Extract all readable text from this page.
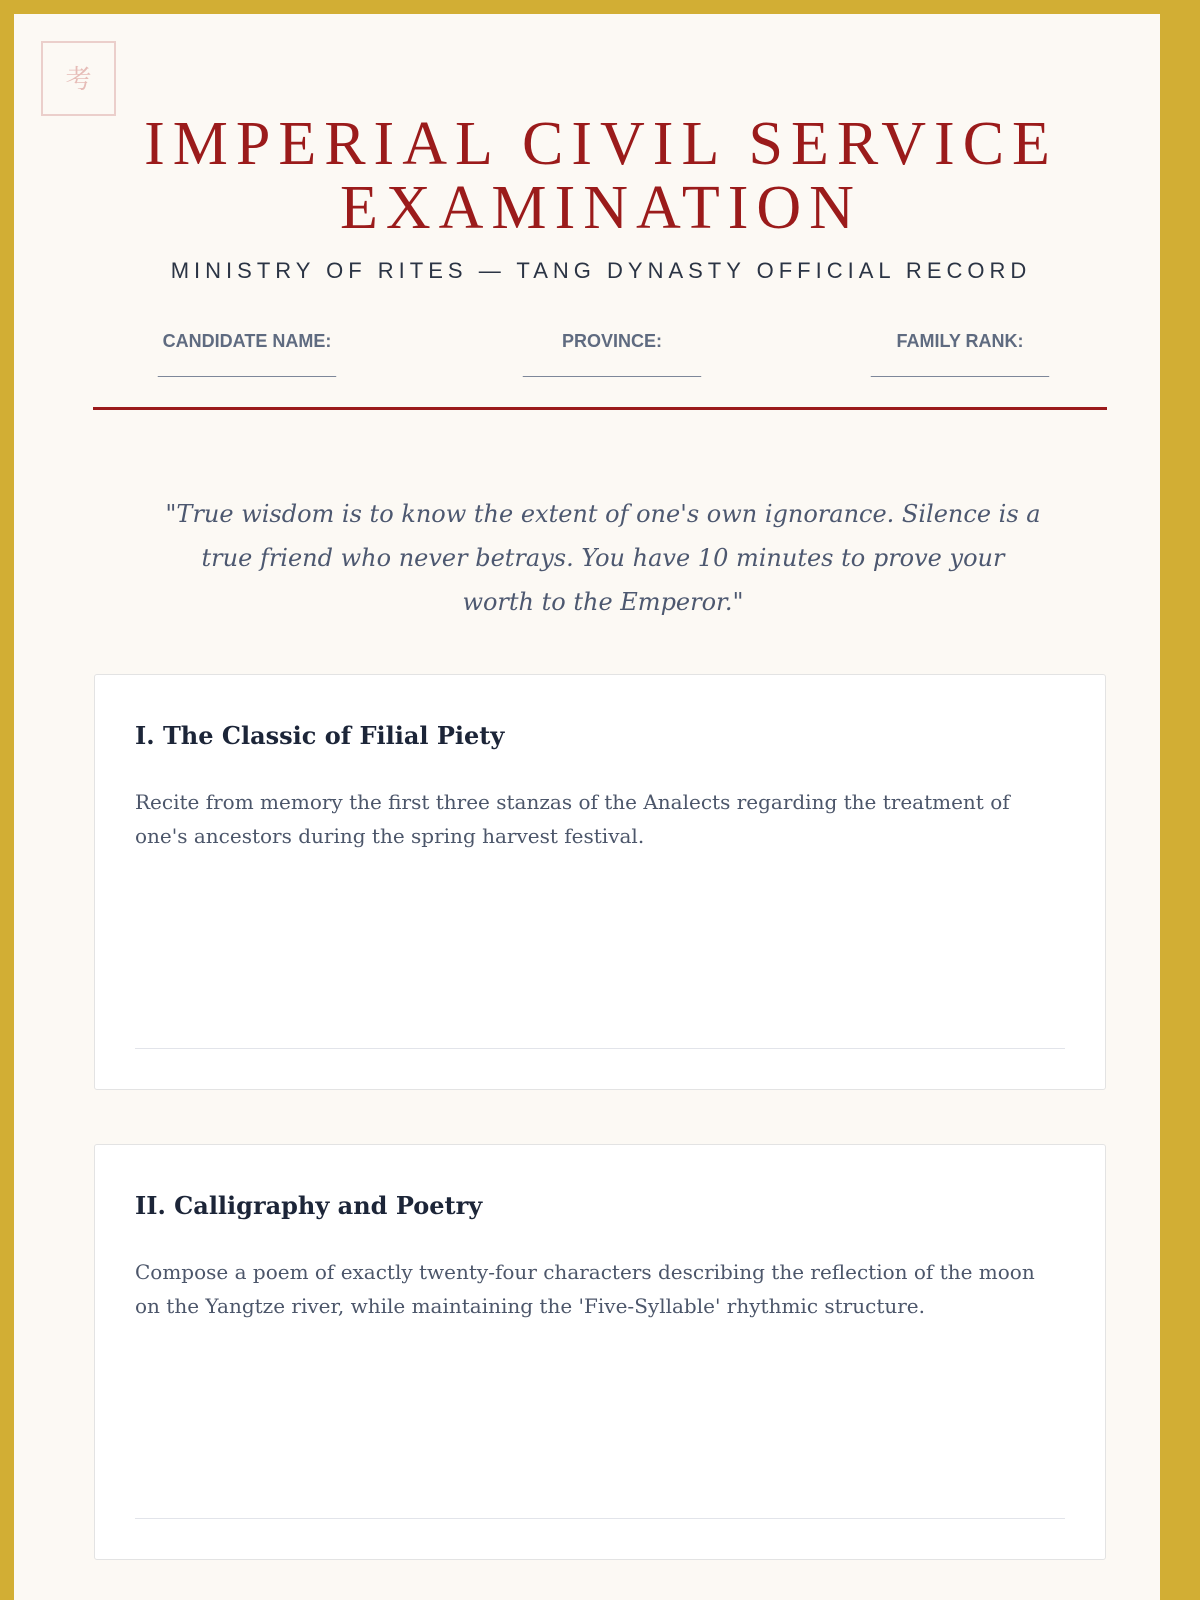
考
IMPERIAL CIVIL SERVICE
EXAMINATION
MINISTRY OF RITES — TANG DYNASTY OFFICIAL RECORD
CANDIDATE NAME:
____________________
PROVINCE:
____________________
FAMILY RANK:
____________________

"True wisdom is to know the extent of one's own ignorance. Silence is a true friend who never betrays. You have 10 minutes to prove your worth to the Emperor."

I. The Classic of Filial Piety

Recite from memory the first three stanzas of the Analects regarding the treatment of one's ancestors during the spring harvest festival.

II. Calligraphy and Poetry

Compose a poem of exactly twenty-four characters describing the reflection of the moon on the Yangtze river, while maintaining the 'Five-Syllable' rhythmic structure.
